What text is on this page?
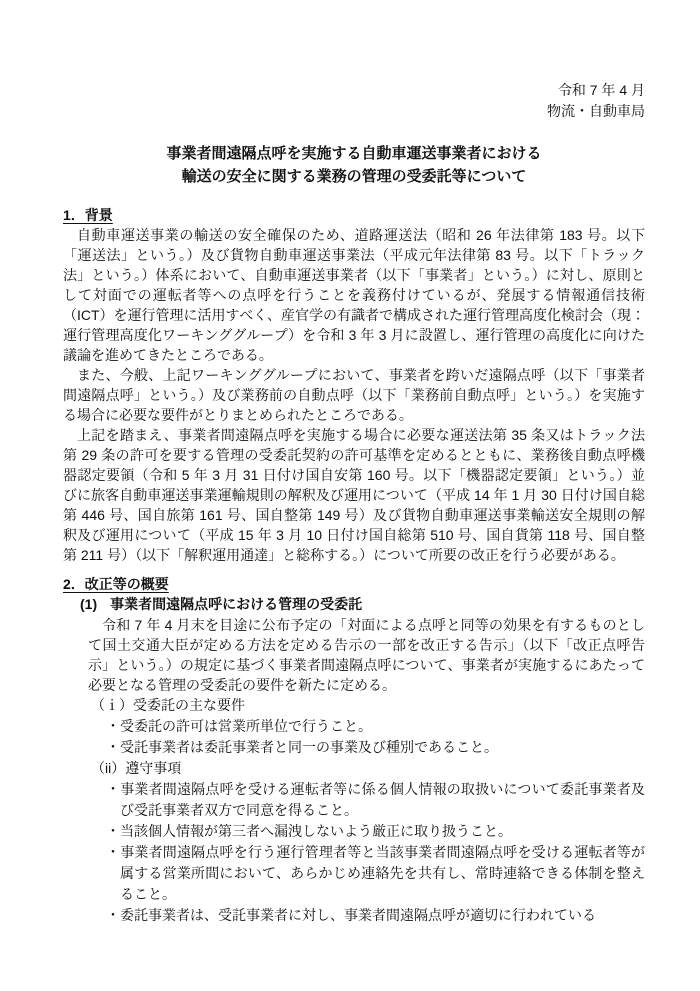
令和 7 年 4 月
物流・自動車局
事業者間遠隔点呼を実施する自動車運送事業者における
輸送の安全に関する業務の管理の受委託等について
1．背景

自動車運送事業の輸送の安全確保のため、道路運送法（昭和 26 年法律第 183 号。以下「運送法」という。）及び貨物自動車運送事業法（平成元年法律第 83 号。以下「トラック法」という。）体系において、自動車運送事業者（以下「事業者」という。）に対し、原則として対面での運転者等への点呼を行うことを義務付けているが、発展する情報通信技術（ICT）を運行管理に活用すべく、産官学の有識者で構成された運行管理高度化検討会（現：運行管理高度化ワーキンググループ）を令和 3 年 3 月に設置し、運行管理の高度化に向けた議論を進めてきたところである。

また、今般、上記ワーキンググループにおいて、事業者を跨いだ遠隔点呼（以下「事業者間遠隔点呼」という。）及び業務前の自動点呼（以下「業務前自動点呼」という。）を実施する場合に必要な要件がとりまとめられたところである。

上記を踏まえ、事業者間遠隔点呼を実施する場合に必要な運送法第 35 条又はトラック法第 29 条の許可を要する管理の受委託契約の許可基準を定めるとともに、業務後自動点呼機器認定要領（令和 5 年 3 月 31 日付け国自安第 160 号。以下「機器認定要領」という。）並びに旅客自動車運送事業運輸規則の解釈及び運用について（平成 14 年 1 月 30 日付け国自総第 446 号、国自旅第 161 号、国自整第 149 号）及び貨物自動車運送事業輸送安全規則の解釈及び運用について（平成 15 年 3 月 10 日付け国自総第 510 号、国自貨第 118 号、国自整第 211 号）（以下「解釈運用通達」と総称する。）について所要の改正を行う必要がある。

2．改正等の概要
(1) 事業者間遠隔点呼における管理の受委託

令和 7 年 4 月末を目途に公布予定の「対面による点呼と同等の効果を有するものとして国土交通大臣が定める方法を定める告示の一部を改正する告示」（以下「改正点呼告示」という。）の規定に基づく事業者間遠隔点呼について、事業者が実施するにあたって必要となる管理の受委託の要件を新たに定める。

（ｉ）受委託の主な要件
・受委託の許可は営業所単位で行うこと。
・受託事業者は委託事業者と同一の事業及び種別であること。
（ii）遵守事項
・事業者間遠隔点呼を受ける運転者等に係る個人情報の取扱いについて委託事業者及び受託事業者双方で同意を得ること。
・当該個人情報が第三者へ漏洩しないよう厳正に取り扱うこと。
・事業者間遠隔点呼を行う運行管理者等と当該事業者間遠隔点呼を受ける運転者等が属する営業所間において、あらかじめ連絡先を共有し、常時連絡できる体制を整えること。
・委託事業者は、受託事業者に対し、事業者間遠隔点呼が適切に行われている
